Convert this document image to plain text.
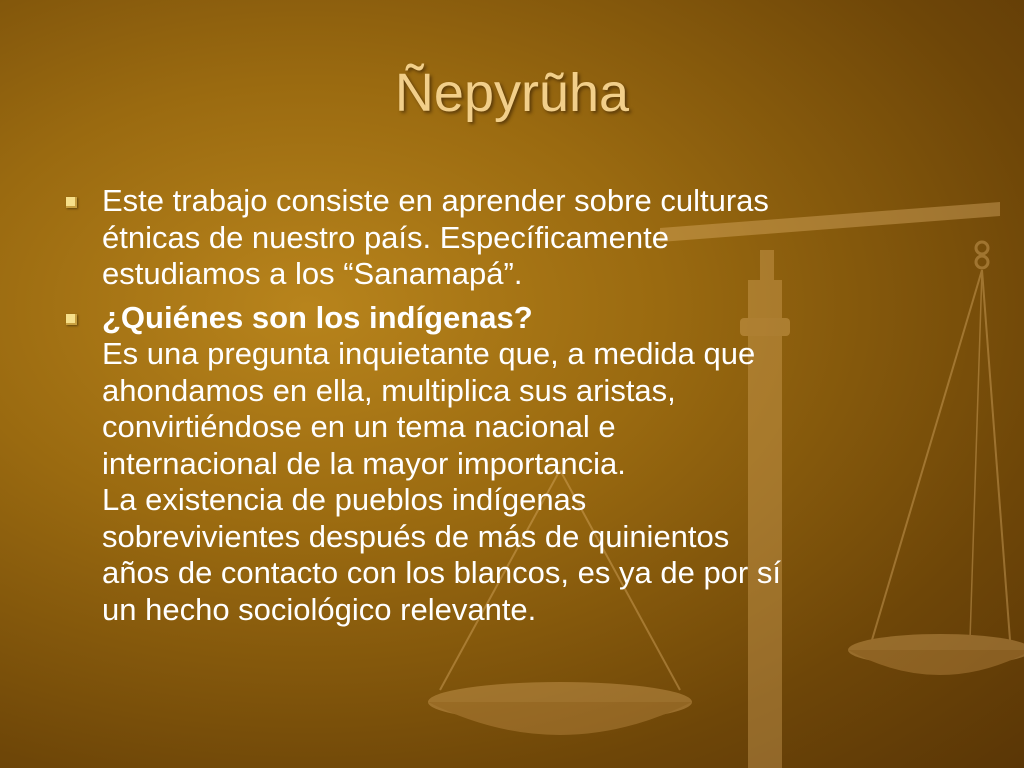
Ñepyrũha
Este trabajo consiste en aprender sobre culturas
étnicas de nuestro país. Específicamente
estudiamos a los “Sanamapá”.
¿Quiénes son los indígenas?
Es una pregunta inquietante que, a medida que
ahondamos en ella, multiplica sus aristas,
convirtiéndose en un tema nacional e
internacional de la mayor importancia.
La existencia de pueblos indígenas
sobrevivientes después de más de quinientos
años de contacto con los blancos, es ya de por sí
un hecho sociológico relevante.
